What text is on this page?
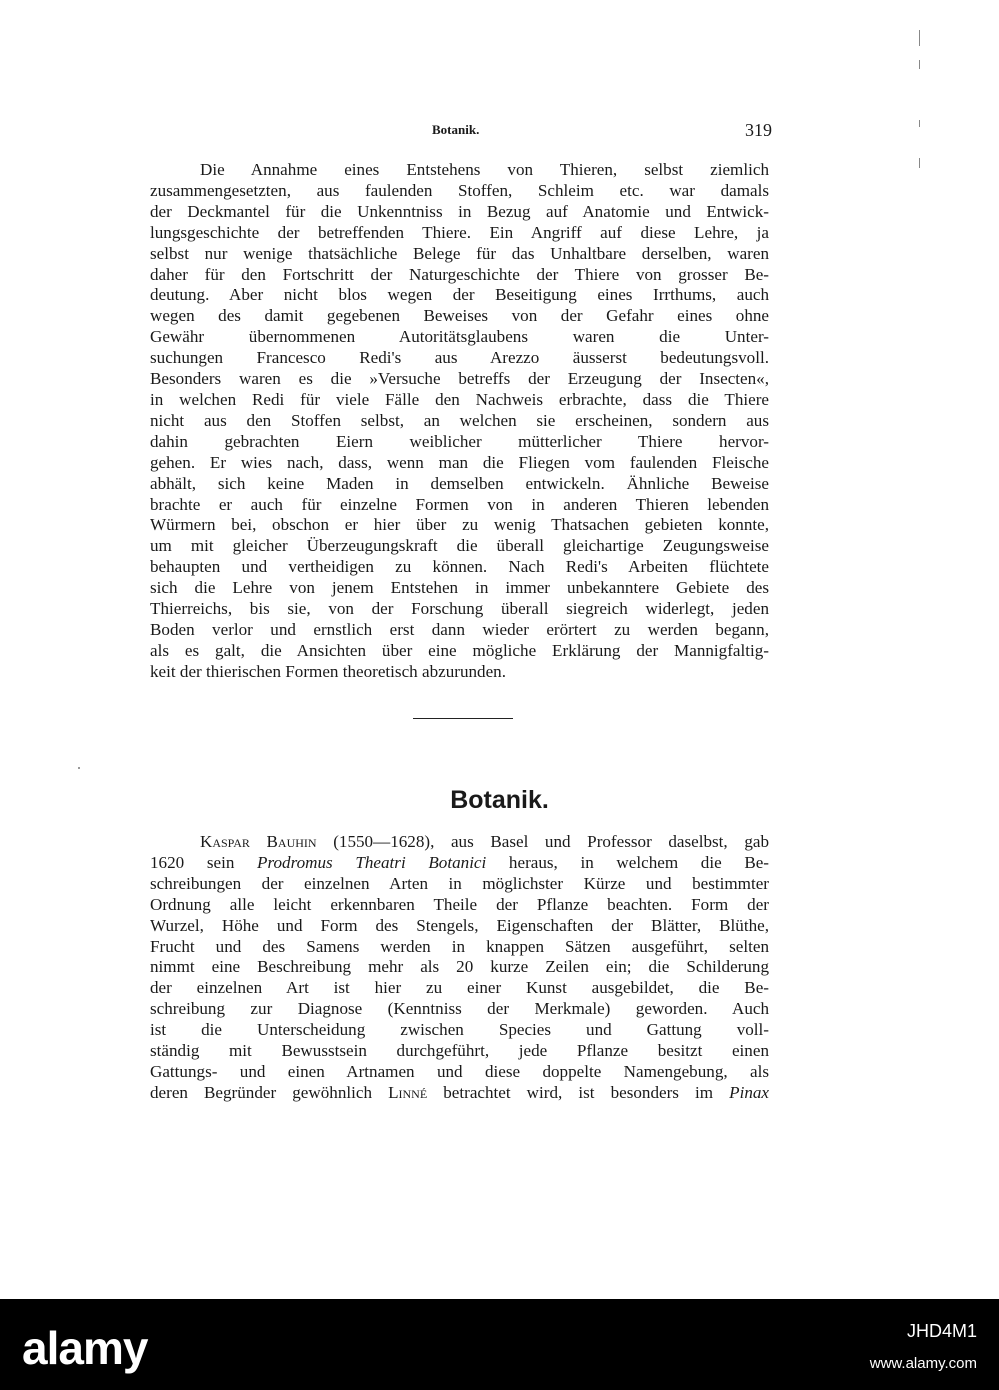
Botanik.	319
Die Annahme eines Entstehens von Thieren, selbst ziemlich
zusammengesetzten, aus faulenden Stoffen, Schleim etc. war damals
der Deckmantel für die Unkenntniss in Bezug auf Anatomie und Entwick-
lungsgeschichte der betreffenden Thiere. Ein Angriff auf diese Lehre, ja
selbst nur wenige thatsächliche Belege für das Unhaltbare derselben, waren
daher für den Fortschritt der Naturgeschichte der Thiere von grosser Be-
deutung. Aber nicht blos wegen der Beseitigung eines Irrthums, auch
wegen des damit gegebenen Beweises von der Gefahr eines ohne
Gewähr übernommenen Autoritätsglaubens waren die Unter-
suchungen Francesco Redi's aus Arezzo äusserst bedeutungsvoll.
Besonders waren es die »Versuche betreffs der Erzeugung der Insecten«,
in welchen Redi für viele Fälle den Nachweis erbrachte, dass die Thiere
nicht aus den Stoffen selbst, an welchen sie erscheinen, sondern aus
dahin gebrachten Eiern weiblicher mütterlicher Thiere hervor-
gehen. Er wies nach, dass, wenn man die Fliegen vom faulenden Fleische
abhält, sich keine Maden in demselben entwickeln. Ähnliche Beweise
brachte er auch für einzelne Formen von in anderen Thieren lebenden
Würmern bei, obschon er hier über zu wenig Thatsachen gebieten konnte,
um mit gleicher Überzeugungskraft die überall gleichartige Zeugungsweise
behaupten und vertheidigen zu können. Nach Redi's Arbeiten flüchtete
sich die Lehre von jenem Entstehen in immer unbekanntere Gebiete des
Thierreichs, bis sie, von der Forschung überall siegreich widerlegt, jeden
Boden verlor und ernstlich erst dann wieder erörtert zu werden begann,
als es galt, die Ansichten über eine mögliche Erklärung der Mannigfaltig-
keit der thierischen Formen theoretisch abzurunden.
Botanik.
Kaspar Bauhin (1550—1628), aus Basel und Professor daselbst, gab
1620 sein Prodromus Theatri Botanici heraus, in welchem die Be-
schreibungen der einzelnen Arten in möglichster Kürze und bestimmter
Ordnung alle leicht erkennbaren Theile der Pflanze beachten. Form der
Wurzel, Höhe und Form des Stengels, Eigenschaften der Blätter, Blüthe,
Frucht und des Samens werden in knappen Sätzen ausgeführt, selten
nimmt eine Beschreibung mehr als 20 kurze Zeilen ein; die Schilderung
der einzelnen Art ist hier zu einer Kunst ausgebildet, die Be-
schreibung zur Diagnose (Kenntniss der Merkmale) geworden. Auch
ist die Unterscheidung zwischen Species und Gattung voll-
ständig mit Bewusstsein durchgeführt, jede Pflanze besitzt einen
Gattungs- und einen Artnamen und diese doppelte Namengebung, als
deren Begründer gewöhnlich Linné betrachtet wird, ist besonders im Pinax
alamy	JHD4M1
www.alamy.com
